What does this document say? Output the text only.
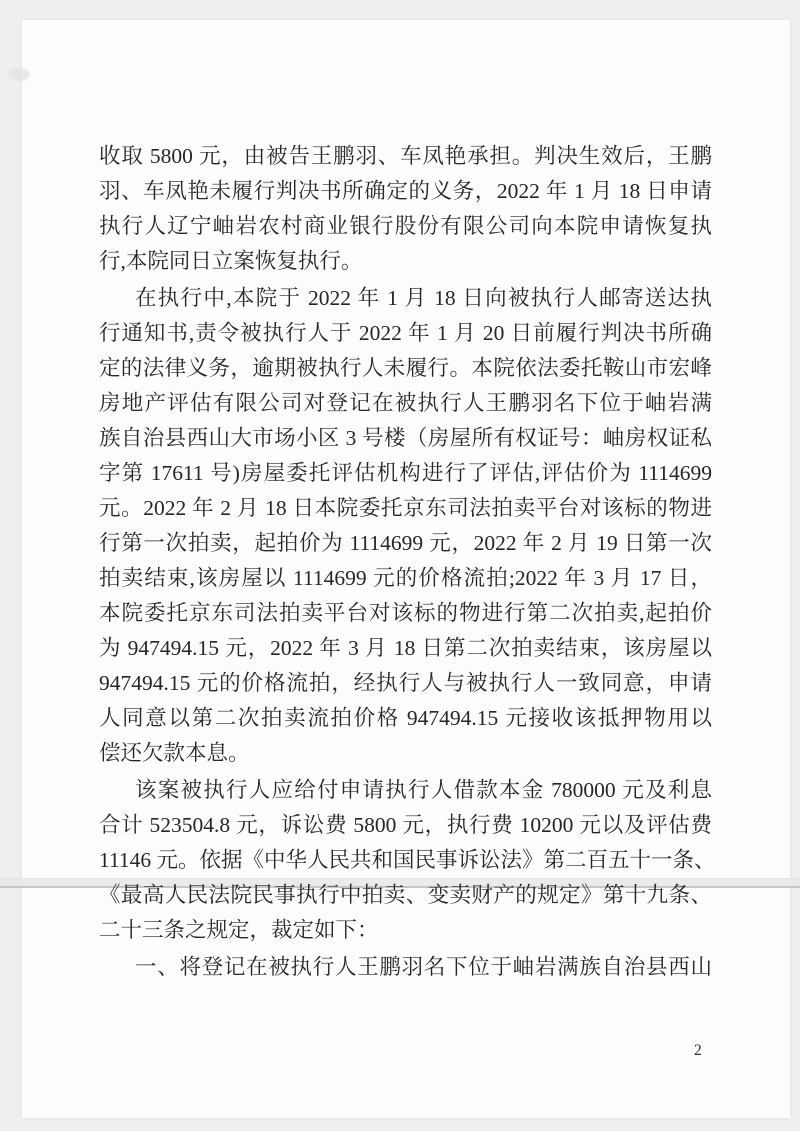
收取 5800 元，由被告王鹏羽、车凤艳承担。判决生效后，王鹏
羽、车凤艳未履行判决书所确定的义务，2022 年 1 月 18 日申请
执行人辽宁岫岩农村商业银行股份有限公司向本院申请恢复执
行,本院同日立案恢复执行。
在执行中,本院于 2022 年 1 月 18 日向被执行人邮寄送达执
行通知书,责令被执行人于 2022 年 1 月 20 日前履行判决书所确
定的法律义务，逾期被执行人未履行。本院依法委托鞍山市宏峰
房地产评估有限公司对登记在被执行人王鹏羽名下位于岫岩满
族自治县西山大市场小区 3 号楼（房屋所有权证号：岫房权证私
字第 17611 号)房屋委托评估机构进行了评估,评估价为 1114699
元。2022 年 2 月 18 日本院委托京东司法拍卖平台对该标的物进
行第一次拍卖，起拍价为 1114699 元，2022 年 2 月 19 日第一次
拍卖结束,该房屋以 1114699 元的价格流拍;2022 年 3 月 17 日，
本院委托京东司法拍卖平台对该标的物进行第二次拍卖,起拍价
为 947494.15 元，2022 年 3 月 18 日第二次拍卖结束，该房屋以
947494.15 元的价格流拍，经执行人与被执行人一致同意，申请
人同意以第二次拍卖流拍价格 947494.15 元接收该抵押物用以
偿还欠款本息。
该案被执行人应给付申请执行人借款本金 780000 元及利息
合计 523504.8 元，诉讼费 5800 元，执行费 10200 元以及评估费
11146 元。依据《中华人民共和国民事诉讼法》第二百五十一条、
《最高人民法院民事执行中拍卖、变卖财产的规定》第十九条、
二十三条之规定，裁定如下：
一、将登记在被执行人王鹏羽名下位于岫岩满族自治县西山
2
